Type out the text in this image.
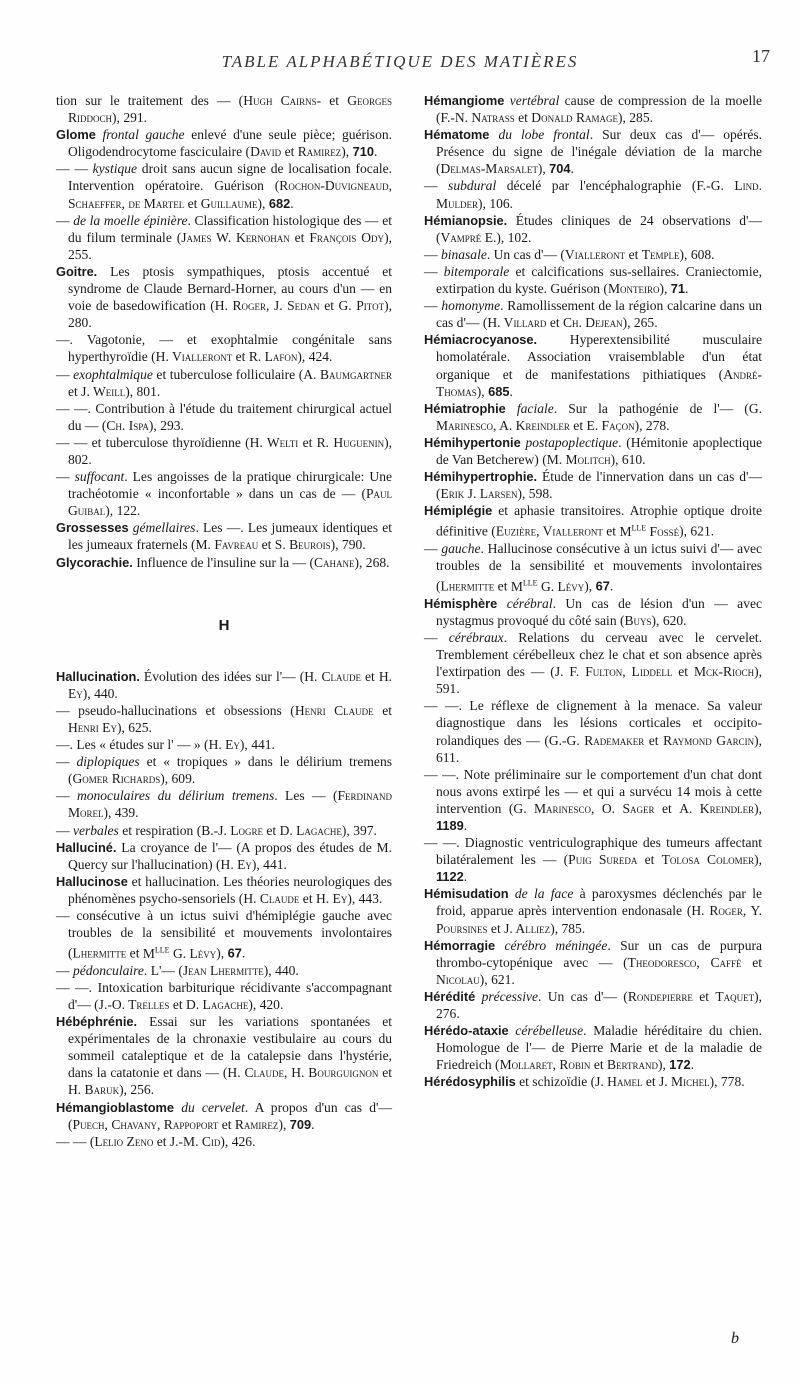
TABLE ALPHABÉTIQUE DES MATIÈRES	17

tion sur le traitement des — (Hugh Cairns- et Georges Riddoch), 291.

Glome frontal gauche enlevé d'une seule pièce; guérison. Oligodendrocytome fasciculaire (David et Ramirez), 710.

— — kystique droit sans aucun signe de localisation focale. Intervention opératoire. Guérison (Rochon-Duvigneaud, Schaeffer, de Martel et Guillaume), 682.

— de la moelle épinière. Classification histologique des — et du filum terminale (James W. Kernohan et François Ody), 255.

Goitre. Les ptosis sympathiques, ptosis accentué et syndrome de Claude Bernard-Horner, au cours d'un — en voie de basedowification (H. Roger, J. Sedan et G. Pitot), 280.

—. Vagotonie, — et exophtalmie congénitale sans hyperthyroïdie (H. Vialleront et R. Lafon), 424.

— exophtalmique et tuberculose folliculaire (A. Baumgartner et J. Weill), 801.

— —. Contribution à l'étude du traitement chirurgical actuel du — (Ch. Ispa), 293.

— — et tuberculose thyroïdienne (H. Welti et R. Huguenin), 802.

— suffocant. Les angoisses de la pratique chirurgicale: Une trachéotomie « inconfortable » dans un cas de — (Paul Guibal), 122.

Grossesses gémellaires. Les —. Les jumeaux identiques et les jumeaux fraternels (M. Favreau et S. Beurois), 790.

Glycorachie. Influence de l'insuline sur la — (Cahane), 268.

H

Hallucination. Évolution des idées sur l'— (H. Claude et H. Ey), 440.

— pseudo-hallucinations et obsessions (Henri Claude et Henri Ey), 625.

—. Les « études sur l' — » (H. Ey), 441.

— diplopiques et « tropiques » dans le délirium tremens (Gomer Richards), 609.

— monoculaires du délirium tremens. Les — (Ferdinand Morel), 439.

— verbales et respiration (B.-J. Logre et D. Lagache), 397.

Halluciné. La croyance de l'— (A propos des études de M. Quercy sur l'hallucination) (H. Ey), 441.

Hallucinose et hallucination. Les théories neurologiques des phénomènes psycho-sensoriels (H. Claude et H. Ey), 443.

— consécutive à un ictus suivi d'hémiplégie gauche avec troubles de la sensibilité et mouvements involontaires (Lhermitte et $M^{lle}$ G. Lévy), 67.

— pédonculaire. L'— (Jean Lhermitte), 440.

— —. Intoxication barbiturique récidivante s'accompagnant d'— (J.-O. Trelles et D. Lagache), 420.

Hébéphrénie. Essai sur les variations spontanées et expérimentales de la chronaxie vestibulaire au cours du sommeil cataleptique et de la catalepsie dans l'hystérie, dans la catatonie et dans — (H. Claude, H. Bourguignon et H. Baruk), 256.

Hémangioblastome du cervelet. A propos d'un cas d'— (Puech, Chavany, Rappoport et Ramirez), 709.

— — (Lelio Zeno et J.-M. Cid), 426.

Hémangiome vertébral cause de compression de la moelle (F.-N. Natrass et Donald Ramage), 285.

Hématome du lobe frontal. Sur deux cas d'— opérés. Présence du signe de l'inégale déviation de la marche (Delmas-Marsalet), 704.

— subdural décelé par l'encéphalographie (F.-G. Lind. Mulder), 106.

Hémianopsie. Études cliniques de 24 observations d'— (Vampré E.), 102.

— binasale. Un cas d'— (Vialleront et Temple), 608.

— bitemporale et calcifications sus-sellaires. Craniectomie, extirpation du kyste. Guérison (Monteiro), 71.

— homonyme. Ramollissement de la région calcarine dans un cas d'— (H. Villard et Ch. Dejean), 265.

Hémiacrocyanose. Hyperextensibilité musculaire homolatérale. Association vraisemblable d'un état organique et de manifestations pithiatiques (André-Thomas), 685.

Hémiatrophie faciale. Sur la pathogénie de l'— (G. Marinesco, A. Kreindler et E. Façon), 278.

Hémihypertonie postapoplectique. (Hémitonie apoplectique de Van Betcherew) (M. Molitch), 610.

Hémihypertrophie. Étude de l'innervation dans un cas d'— (Erik J. Larsen), 598.

Hémiplégie et aphasie transitoires. Atrophie optique droite définitive (Euzière, Vialleront et $M^{lle}$ Fossé), 621.

— gauche. Hallucinose consécutive à un ictus suivi d'— avec troubles de la sensibilité et mouvements involontaires (Lhermitte et $M^{lle}$ G. Lévy), 67.

Hémisphère cérébral. Un cas de lésion d'un — avec nystagmus provoqué du côté sain (Buys), 620.

— cérébraux. Relations du cerveau avec le cervelet. Tremblement cérébelleux chez le chat et son absence après l'extirpation des — (J. F. Fulton, Liddell et Mck-Rioch), 591.

— —. Le réflexe de clignement à la menace. Sa valeur diagnostique dans les lésions corticales et occipito-rolandiques des — (G.-G. Rademaker et Raymond Garcin), 611.

— —. Note préliminaire sur le comportement d'un chat dont nous avons extirpé les — et qui a survécu 14 mois à cette intervention (G. Marinesco, O. Sager et A. Kreindler), 1189.

— —. Diagnostic ventriculographique des tumeurs affectant bilatéralement les — (Puig Sureda et Tolosa Colomer), 1122.

Hémisudation de la face à paroxysmes déclenchés par le froid, apparue après intervention endonasale (H. Roger, Y. Poursines et J. Alliez), 785.

Hémorragie cérébro méningée. Sur un cas de purpura thrombo-cytopénique avec — (Theodoresco, Caffé et Nicolau), 621.

Hérédité précessive. Un cas d'— (Rondepierre et Taquet), 276.

Hérédo-ataxie cérébelleuse. Maladie héréditaire du chien. Homologue de l'— de Pierre Marie et de la maladie de Friedreich (Mollaret, Robin et Bertrand), 172.

Hérédosyphilis et schizoïdie (J. Hamel et J. Michel), 778.

b
